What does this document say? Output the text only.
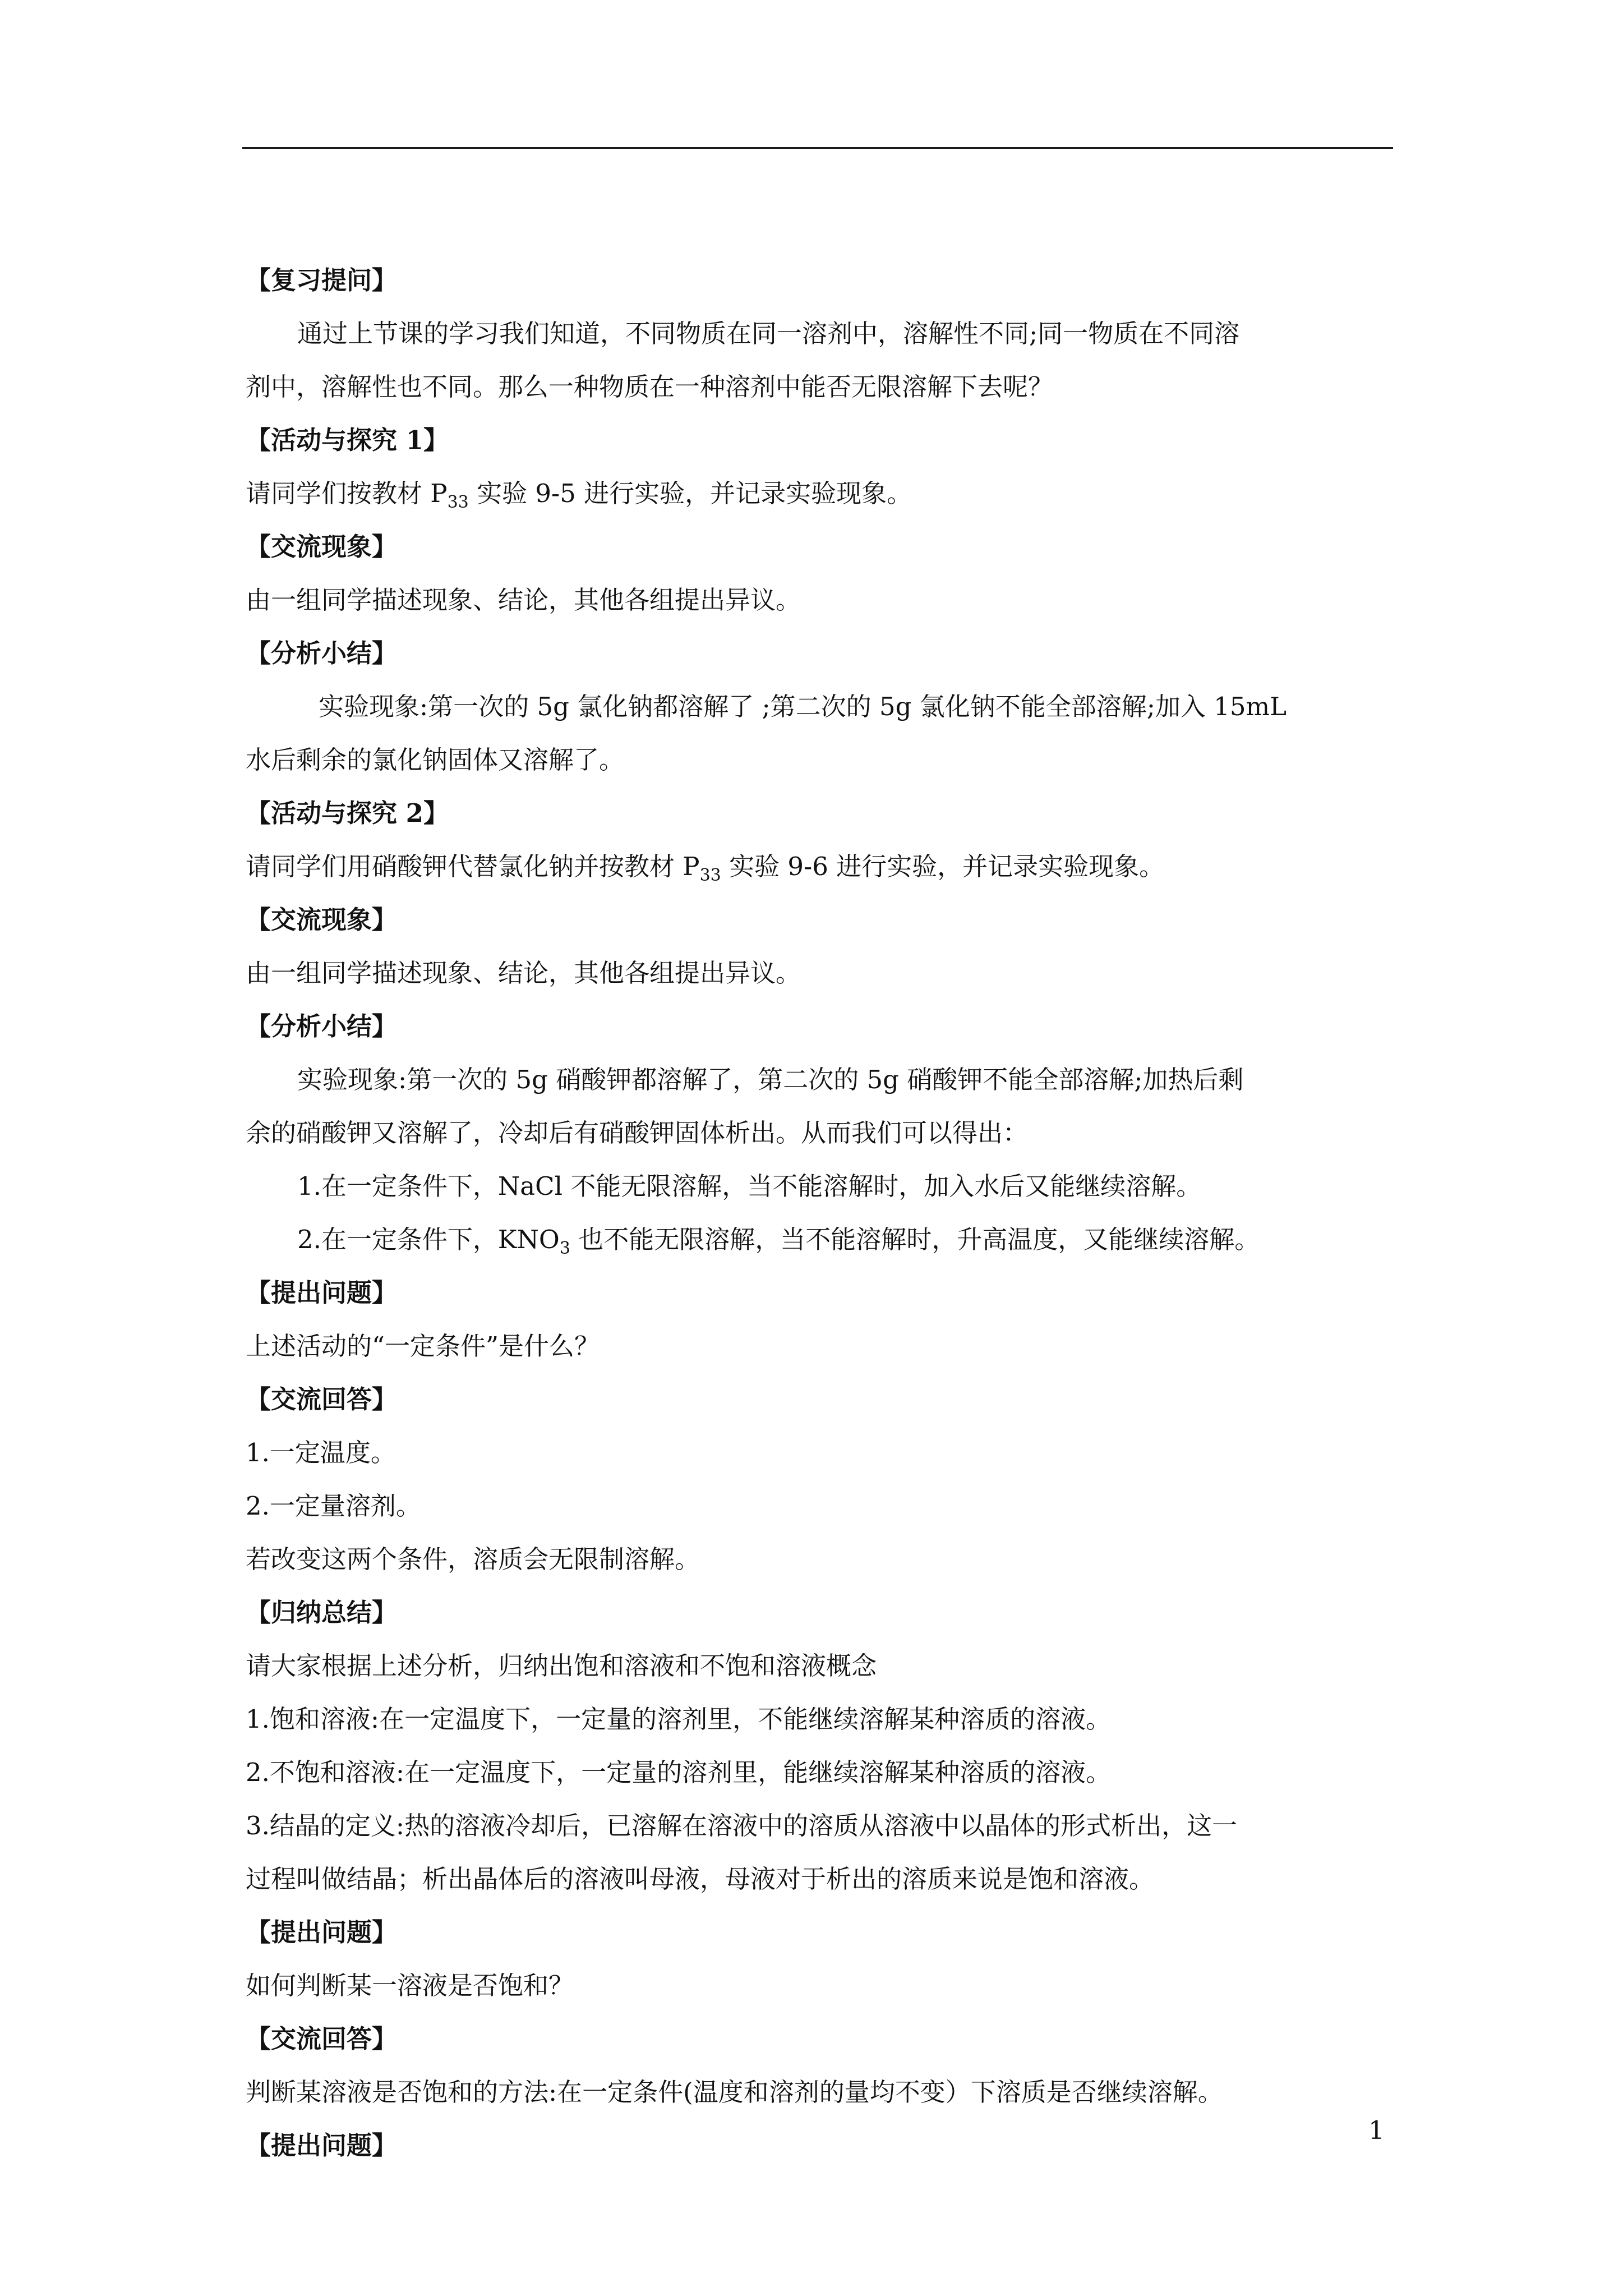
【复习提问】
通过上节课的学习我们知道，不同物质在同一溶剂中，溶解性不同;同一物质在不同溶
剂中，溶解性也不同。那么一种物质在一种溶剂中能否无限溶解下去呢？
【活动与探究 1】
请同学们按教材 $P_{33}$ 实验 9-5 进行实验，并记录实验现象。
【交流现象】
由一组同学描述现象、结论，其他各组提出异议。
【分析小结】
实验现象:第一次的 5g 氯化钠都溶解了 ;第二次的 5g 氯化钠不能全部溶解;加入 15mL
水后剩余的氯化钠固体又溶解了。
【活动与探究 2】
请同学们用硝酸钾代替氯化钠并按教材 $P_{33}$ 实验 9-6 进行实验，并记录实验现象。
【交流现象】
由一组同学描述现象、结论，其他各组提出异议。
【分析小结】
实验现象:第一次的 5g 硝酸钾都溶解了，第二次的 5g 硝酸钾不能全部溶解;加热后剩
余的硝酸钾又溶解了，冷却后有硝酸钾固体析出。从而我们可以得出：
1.在一定条件下，NaCl 不能无限溶解，当不能溶解时，加入水后又能继续溶解。
2.在一定条件下，$KNO_3$ 也不能无限溶解，当不能溶解时，升高温度，又能继续溶解。
【提出问题】
上述活动的“一定条件”是什么？
【交流回答】
1.一定温度。
2.一定量溶剂。
若改变这两个条件，溶质会无限制溶解。
【归纳总结】
请大家根据上述分析，归纳出饱和溶液和不饱和溶液概念
1.饱和溶液:在一定温度下，一定量的溶剂里，不能继续溶解某种溶质的溶液。
2.不饱和溶液:在一定温度下，一定量的溶剂里，能继续溶解某种溶质的溶液。
3.结晶的定义:热的溶液冷却后，已溶解在溶液中的溶质从溶液中以晶体的形式析出，这一
过程叫做结晶；析出晶体后的溶液叫母液，母液对于析出的溶质来说是饱和溶液。
【提出问题】
如何判断某一溶液是否饱和？
【交流回答】
判断某溶液是否饱和的方法:在一定条件(温度和溶剂的量均不变）下溶质是否继续溶解。
【提出问题】
1
